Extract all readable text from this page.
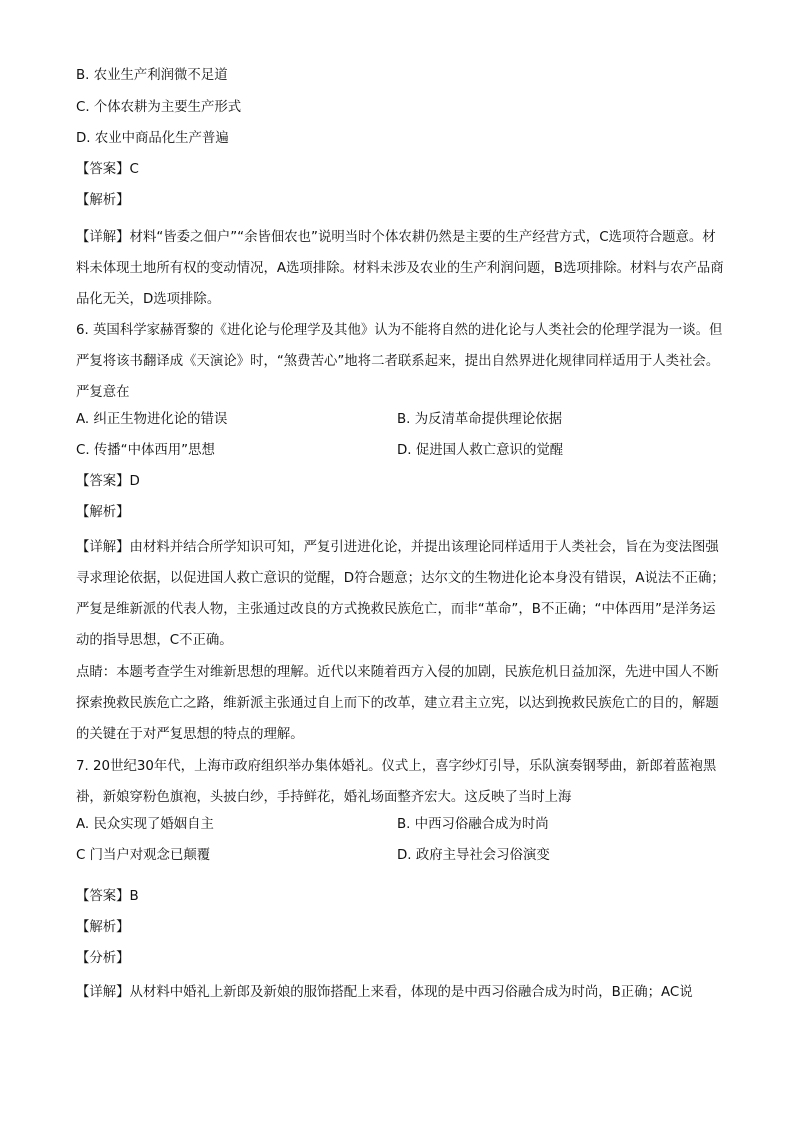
B. 农业生产利润微不足道
C. 个体农耕为主要生产形式
D. 农业中商品化生产普遍
【答案】C
【解析】
【详解】材料“皆委之佃户”“余皆佃农也”说明当时个体农耕仍然是主要的生产经营方式，C选项符合题意。材料未体现土地所有权的变动情况，A选项排除。材料未涉及农业的生产利润问题，B选项排除。材料与农产品商品化无关，D选项排除。
6. 英国科学家赫胥黎的《进化论与伦理学及其他》认为不能将自然的进化论与人类社会的伦理学混为一谈。但严复将该书翻译成《天演论》时，“煞费苦心”地将二者联系起来，提出自然界进化规律同样适用于人类社会。严复意在
A. 纠正生物进化论的错误	B. 为反清革命提供理论依据
C. 传播“中体西用”思想	D. 促进国人救亡意识的觉醒
【答案】D
【解析】
【详解】由材料并结合所学知识可知，严复引进进化论，并提出该理论同样适用于人类社会，旨在为变法图强寻求理论依据，以促进国人救亡意识的觉醒，D符合题意；达尔文的生物进化论本身没有错误，A说法不正确；严复是维新派的代表人物，主张通过改良的方式挽救民族危亡，而非“革命”，B不正确；“中体西用”是洋务运动的指导思想，C不正确。
点睛：本题考查学生对维新思想的理解。近代以来随着西方入侵的加剧，民族危机日益加深，先进中国人不断探索挽救民族危亡之路，维新派主张通过自上而下的改革，建立君主立宪，以达到挽救民族危亡的目的，解题的关键在于对严复思想的特点的理解。
7. 20世纪30年代，上海市政府组织举办集体婚礼。仪式上，喜字纱灯引导，乐队演奏钢琴曲，新郎着蓝袍黑褂，新娘穿粉色旗袍，头披白纱，手持鲜花，婚礼场面整齐宏大。这反映了当时上海
A. 民众实现了婚姻自主	B. 中西习俗融合成为时尚
C 门当户对观念已颠覆	D. 政府主导社会习俗演变
【答案】B
【解析】
【分析】
【详解】从材料中婚礼上新郎及新娘的服饰搭配上来看，体现的是中西习俗融合成为时尚，B正确；AC说
